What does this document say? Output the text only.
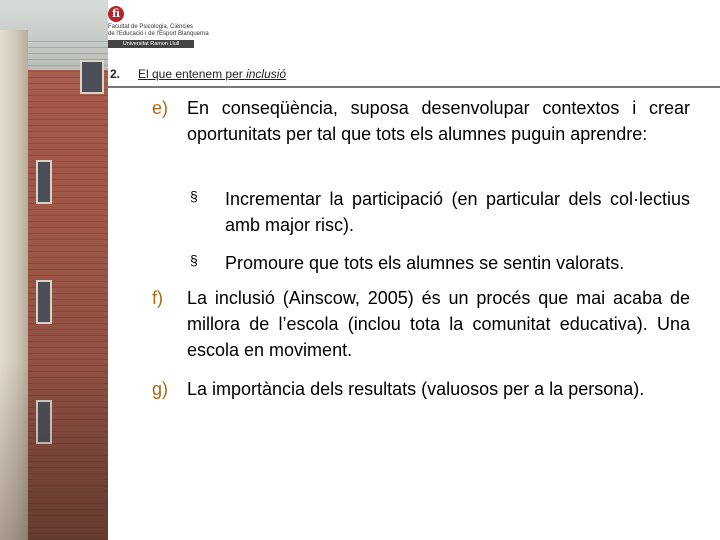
fi
Facultat de Psicologia, Ciències
de l'Educació i de l'Esport Blanquerna
Universitat Ramon Llull
2. El que entenem per inclusió
e) En conseqüència, suposa desenvolupar contextos i crear oportunitats per tal que tots els alumnes puguin aprendre:
§ Incrementar la participació (en particular dels col·lectius amb major risc).
§ Promoure que tots els alumnes se sentin valorats.
f) La inclusió (Ainscow, 2005) és un procés que mai acaba de millora de l’escola (inclou tota la comunitat educativa). Una escola en moviment.
g) La importància dels resultats (valuosos per a la persona).
